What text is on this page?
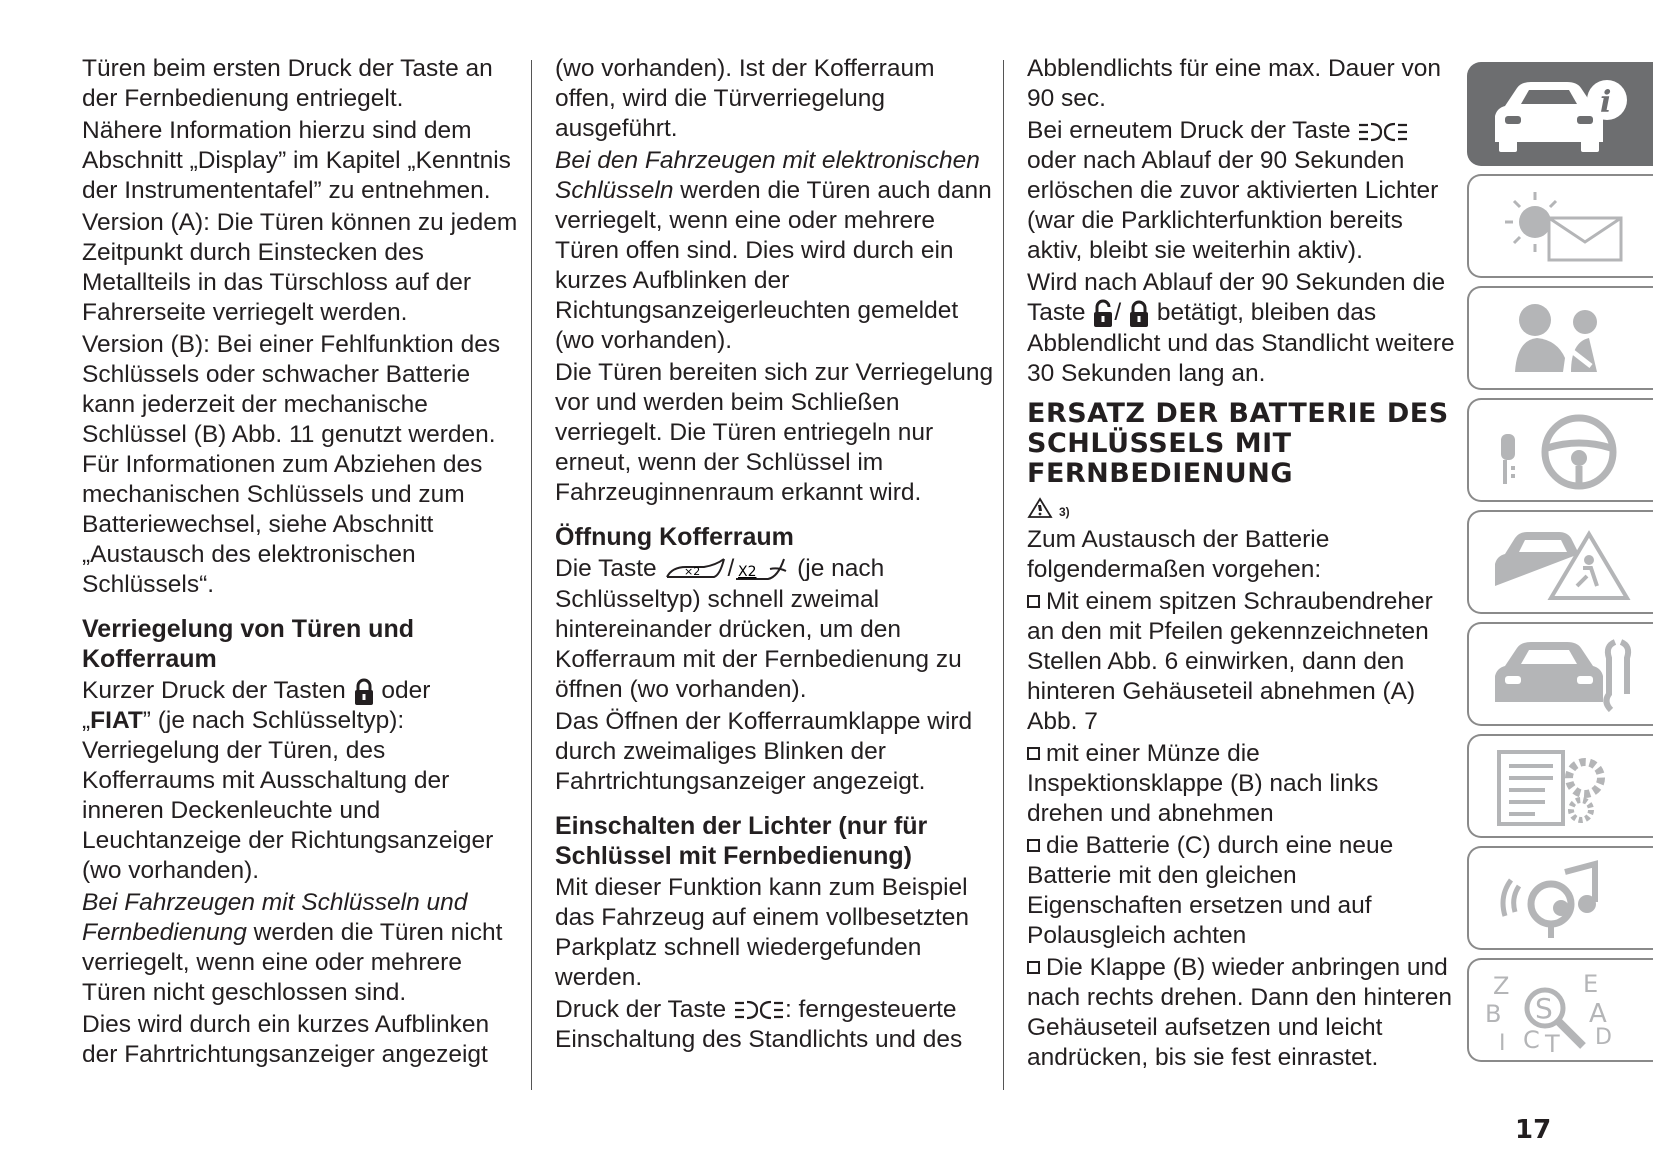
Türen beim ersten Druck der Taste an der Fernbedienung entriegelt.

Nähere Information hierzu sind dem Abschnitt „Display” im Kapitel „Kenntnis der Instrumententafel” zu entnehmen.

Version (A): Die Türen können zu jedem Zeitpunkt durch Einstecken des Metallteils in das Türschloss auf der Fahrerseite verriegelt werden.

Version (B): Bei einer Fehlfunktion des Schlüssels oder schwacher Batterie kann jederzeit der mechanische Schlüssel (B) Abb. 11 genutzt werden. Für Informationen zum Abziehen des mechanischen Schlüssels und zum Batteriewechsel, siehe Abschnitt „Austausch des elektronischen Schlüssels“.

Verriegelung von Türen und Kofferraum

Kurzer Druck der Tasten oder
„FIAT” (je nach Schlüsseltyp): Verriegelung der Türen, des Kofferraums mit Ausschaltung der inneren Deckenleuchte und Leuchtanzeige der Richtungsanzeiger (wo vorhanden).

Bei Fahrzeugen mit Schlüsseln und Fernbedienung werden die Türen nicht verriegelt, wenn eine oder mehrere Türen nicht geschlossen sind.

Dies wird durch ein kurzes Aufblinken der Fahrtrichtungsanzeiger angezeigt

(wo vorhanden). Ist der Kofferraum offen, wird die Türverriegelung ausgeführt.

Bei den Fahrzeugen mit elektronischen Schlüsseln werden die Türen auch dann verriegelt, wenn eine oder mehrere Türen offen sind. Dies wird durch ein kurzes Aufblinken der Richtungsanzeigerleuchten gemeldet (wo vorhanden).

Die Türen bereiten sich zur Verriegelung vor und werden beim Schließen verriegelt. Die Türen entriegeln nur erneut, wenn der Schlüssel im Fahrzeuginnenraum erkannt wird.

Öffnung Kofferraum

Die Taste ×2 / X2 (je nach Schlüsseltyp) schnell zweimal hintereinander drücken, um den Kofferraum mit der Fernbedienung zu öffnen (wo vorhanden).

Das Öffnen der Kofferraumklappe wird durch zweimaliges Blinken der Fahrtrichtungsanzeiger angezeigt.

Einschalten der Lichter (nur für Schlüssel mit Fernbedienung)

Mit dieser Funktion kann zum Beispiel das Fahrzeug auf einem vollbesetzten Parkplatz schnell wiedergefunden werden.

Druck der Taste : ferngesteuerte Einschaltung des Standlichts und des

Abblendlichts für eine max. Dauer von 90 sec.

Bei erneutem Druck der Taste  oder nach Ablauf der 90 Sekunden erlöschen die zuvor aktivierten Lichter (war die Parklichterfunktion bereits aktiv, bleibt sie weiterhin aktiv).

Wird nach Ablauf der 90 Sekunden die Taste / betätigt, bleiben das Abblendlicht und das Standlicht weitere 30 Sekunden lang an.

ERSATZ DER BATTERIE DES SCHLÜSSELS MIT FERNBEDIENUNG
3)

Zum Austausch der Batterie folgendermaßen vorgehen:

Mit einem spitzen Schraubendreher an den mit Pfeilen gekennzeichneten Stellen Abb. 6 einwirken, dann den hinteren Gehäuseteil abnehmen (A) Abb. 7

mit einer Münze die Inspektionsklappe (B) nach links drehen und abnehmen

die Batterie (C) durch eine neue Batterie mit den gleichen Eigenschaften ersetzen und auf Polausgleich achten

Die Klappe (B) wieder anbringen und nach rechts drehen. Dann den hinteren Gehäuseteil aufsetzen und leicht andrücken, bis sie fest einrastet.

i
Z	E
B	A
I C T D
S
17
